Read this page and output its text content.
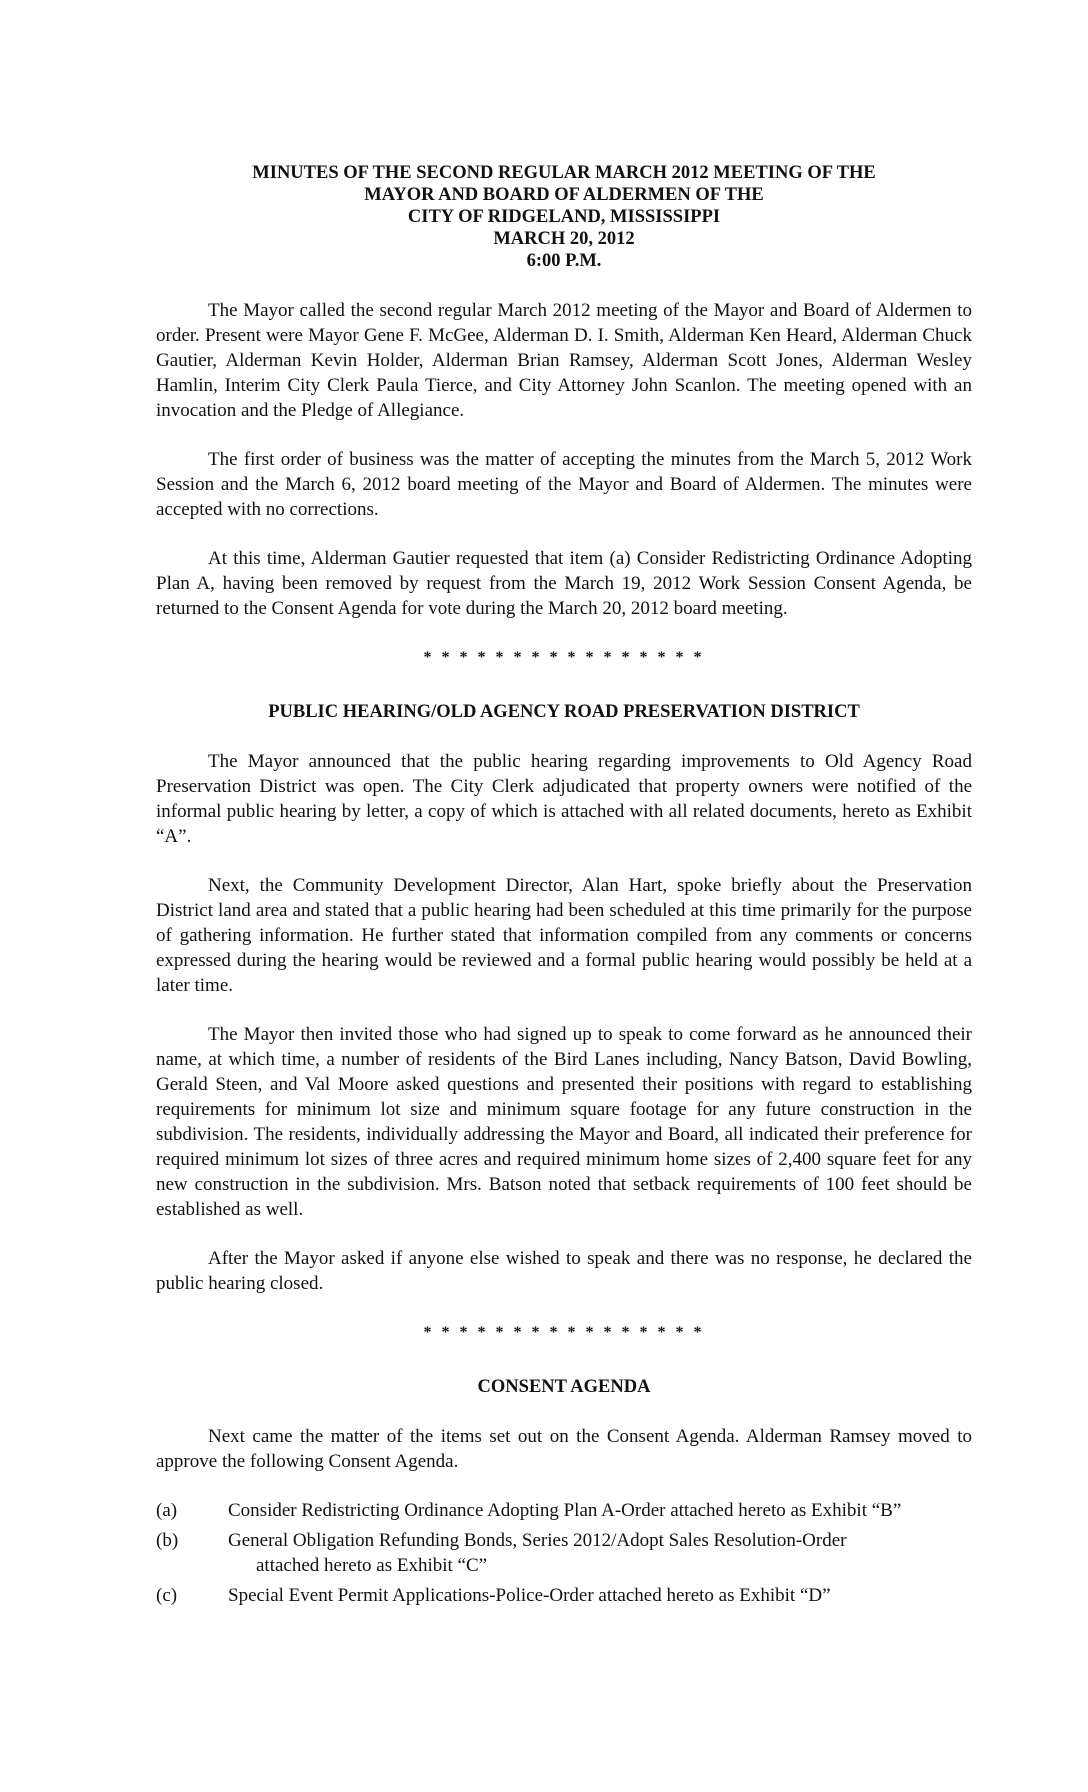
MINUTES OF THE SECOND REGULAR MARCH 2012 MEETING OF THE
MAYOR AND BOARD OF ALDERMEN OF THE
CITY OF RIDGELAND, MISSISSIPPI
MARCH 20, 2012
6:00 P.M.

The Mayor called the second regular March 2012 meeting of the Mayor and Board of Aldermen to order. Present were Mayor Gene F. McGee, Alderman D. I. Smith, Alderman Ken Heard, Alderman Chuck Gautier, Alderman Kevin Holder, Alderman Brian Ramsey, Alderman Scott Jones, Alderman Wesley Hamlin, Interim City Clerk Paula Tierce, and City Attorney John Scanlon. The meeting opened with an invocation and the Pledge of Allegiance.

The first order of business was the matter of accepting the minutes from the March 5, 2012 Work Session and the March 6, 2012 board meeting of the Mayor and Board of Aldermen. The minutes were accepted with no corrections.

At this time, Alderman Gautier requested that item (a) Consider Redistricting Ordinance Adopting Plan A, having been removed by request from the March 19, 2012 Work Session Consent Agenda, be returned to the Consent Agenda for vote during the March 20, 2012 board meeting.

* * * * * * * * * * * * * * * *
PUBLIC HEARING/OLD AGENCY ROAD PRESERVATION DISTRICT

The Mayor announced that the public hearing regarding improvements to Old Agency Road Preservation District was open. The City Clerk adjudicated that property owners were notified of the informal public hearing by letter, a copy of which is attached with all related documents, hereto as Exhibit “A”.

Next, the Community Development Director, Alan Hart, spoke briefly about the Preservation District land area and stated that a public hearing had been scheduled at this time primarily for the purpose of gathering information. He further stated that information compiled from any comments or concerns expressed during the hearing would be reviewed and a formal public hearing would possibly be held at a later time.

The Mayor then invited those who had signed up to speak to come forward as he announced their name, at which time, a number of residents of the Bird Lanes including, Nancy Batson, David Bowling, Gerald Steen, and Val Moore asked questions and presented their positions with regard to establishing requirements for minimum lot size and minimum square footage for any future construction in the subdivision. The residents, individually addressing the Mayor and Board, all indicated their preference for required minimum lot sizes of three acres and required minimum home sizes of 2,400 square feet for any new construction in the subdivision. Mrs. Batson noted that setback requirements of 100 feet should be established as well.

After the Mayor asked if anyone else wished to speak and there was no response, he declared the public hearing closed.

* * * * * * * * * * * * * * * *
CONSENT AGENDA

Next came the matter of the items set out on the Consent Agenda. Alderman Ramsey moved to approve the following Consent Agenda.

(a)	Consider Redistricting Ordinance Adopting Plan A-Order attached hereto as Exhibit “B”
(b)	General Obligation Refunding Bonds, Series 2012/Adopt Sales Resolution-Order
attached hereto as Exhibit “C”
(c)	Special Event Permit Applications-Police-Order attached hereto as Exhibit “D”
